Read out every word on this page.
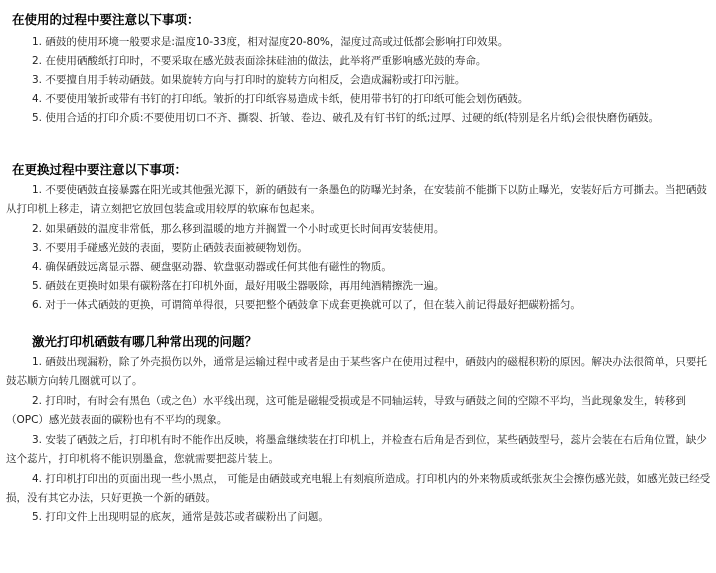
在使用的过程中要注意以下事项：
1. 硒鼓的使用环境一般要求是:温度10-33度，相对湿度20-80%，湿度过高或过低都会影响打印效果。
2. 在使用硒酸纸打印时，不要采取在感光鼓表面涂抹硅油的做法，此举将严重影响感光鼓的寿命。
3. 不要擅自用手转动硒鼓。如果旋转方向与打印时的旋转方向相反，会造成漏粉或打印污脏。
4. 不要使用皱折或带有书钉的打印纸。皱折的打印纸容易造成卡纸，使用带书钉的打印纸可能会划伤硒鼓。
5. 使用合适的打印介质:不要使用切口不齐、撕裂、折皱、卷边、破孔及有钉书钉的纸;过厚、过硬的纸(特别是名片纸)会很快磨伤硒鼓。
在更换过程中要注意以下事项：
1. 不要使硒鼓直接暴露在阳光或其他强光源下，新的硒鼓有一条墨色的防曝光封条，在安装前不能撕下以防止曝光，安装好后方可撕去。当把硒鼓从打印机上移走，请立刻把它放回包装盒或用较厚的软麻布包起来。
2. 如果硒鼓的温度非常低，那么移到温暖的地方并搁置一个小时或更长时间再安装使用。
3. 不要用手碰感光鼓的表面，要防止硒鼓表面被硬物划伤。
4. 确保硒鼓远离显示器、硬盘驱动器、软盘驱动器或任何其他有磁性的物质。
5. 硒鼓在更换时如果有碳粉落在打印机外面，最好用吸尘器吸除，再用纯酒精擦洗一遍。
6. 对于一体式硒鼓的更换，可谓简单得很，只要把整个硒鼓拿下成套更换就可以了，但在装入前记得最好把碳粉摇匀。
激光打印机硒鼓有哪几种常出现的问题？
1. 硒鼓出现漏粉，除了外壳损伤以外，通常是运输过程中或者是由于某些客户在使用过程中，硒鼓内的磁棍积粉的原因。解决办法很简单，只要托鼓芯顺方向转几圈就可以了。
2. 打印时，有时会有黑色（或之色）水平线出现，这可能是磁辊受损或是不同轴运转，导致与硒鼓之间的空隙不平均，当此现象发生，转移到（OPC）感光鼓表面的碳粉也有不平均的现象。
3. 安装了硒鼓之后，打印机有时不能作出反映，将墨盒继续装在打印机上，并检查右后角是否到位，某些硒鼓型号，蕊片会装在右后角位置，缺少这个蕊片，打印机将不能识别墨盒，您就需要把蕊片装上。
4. 打印机打印出的页面出现一些小黑点， 可能是由硒鼓或充电辊上有刻痕所造成。打印机内的外来物质或纸张灰尘会擦伤感光鼓，如感光鼓已经受损，没有其它办法，只好更换一个新的硒鼓。
5. 打印文件上出现明显的底灰，通常是鼓芯或者碳粉出了问题。
